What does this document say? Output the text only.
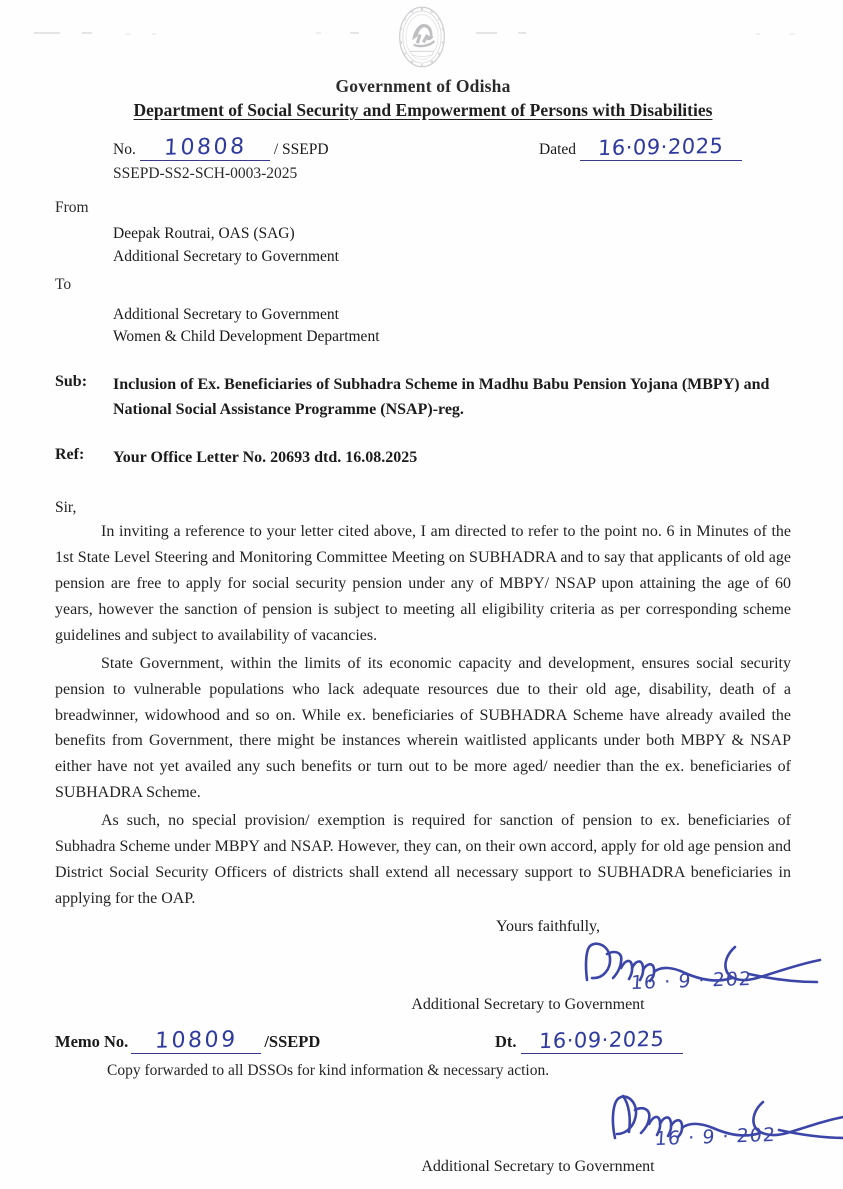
Government of Odisha
Department of Social Security and Empowerment of Persons with Disabilities
No.	10808	/ SSEPD	Dated	16·09·2025
SSEPD-SS2-SCH-0003-2025
From
Deepak Routrai, OAS (SAG)
Additional Secretary to Government
To
Additional Secretary to Government
Women & Child Development Department
Sub:	Inclusion of Ex. Beneficiaries of Subhadra Scheme in Madhu Babu Pension Yojana (MBPY) and National Social Assistance Programme (NSAP)-reg.
Ref:	Your Office Letter No. 20693 dtd. 16.08.2025
Sir,
In inviting a reference to your letter cited above, I am directed to refer to the point no. 6 in Minutes of the 1st State Level Steering and Monitoring Committee Meeting on SUBHADRA and to say that applicants of old age pension are free to apply for social security pension under any of MBPY/ NSAP upon attaining the age of 60 years, however the sanction of pension is subject to meeting all eligibility criteria as per corresponding scheme guidelines and subject to availability of vacancies.
State Government, within the limits of its economic capacity and development, ensures social security pension to vulnerable populations who lack adequate resources due to their old age, disability, death of a breadwinner, widowhood and so on. While ex. beneficiaries of SUBHADRA Scheme have already availed the benefits from Government, there might be instances wherein waitlisted applicants under both MBPY & NSAP either have not yet availed any such benefits or turn out to be more aged/ needier than the ex. beneficiaries of SUBHADRA Scheme.
As such, no special provision/ exemption is required for sanction of pension to ex. beneficiaries of Subhadra Scheme under MBPY and NSAP. However, they can, on their own accord, apply for old age pension and District Social Security Officers of districts shall extend all necessary support to SUBHADRA beneficiaries in applying for the OAP.
Yours faithfully,
16 · 9 · 202
Additional Secretary to Government
Memo No.	10809	/SSEPD	Dt.	16·09·2025
Copy forwarded to all DSSOs for kind information & necessary action.
16 · 9 · 202
Additional Secretary to Government
